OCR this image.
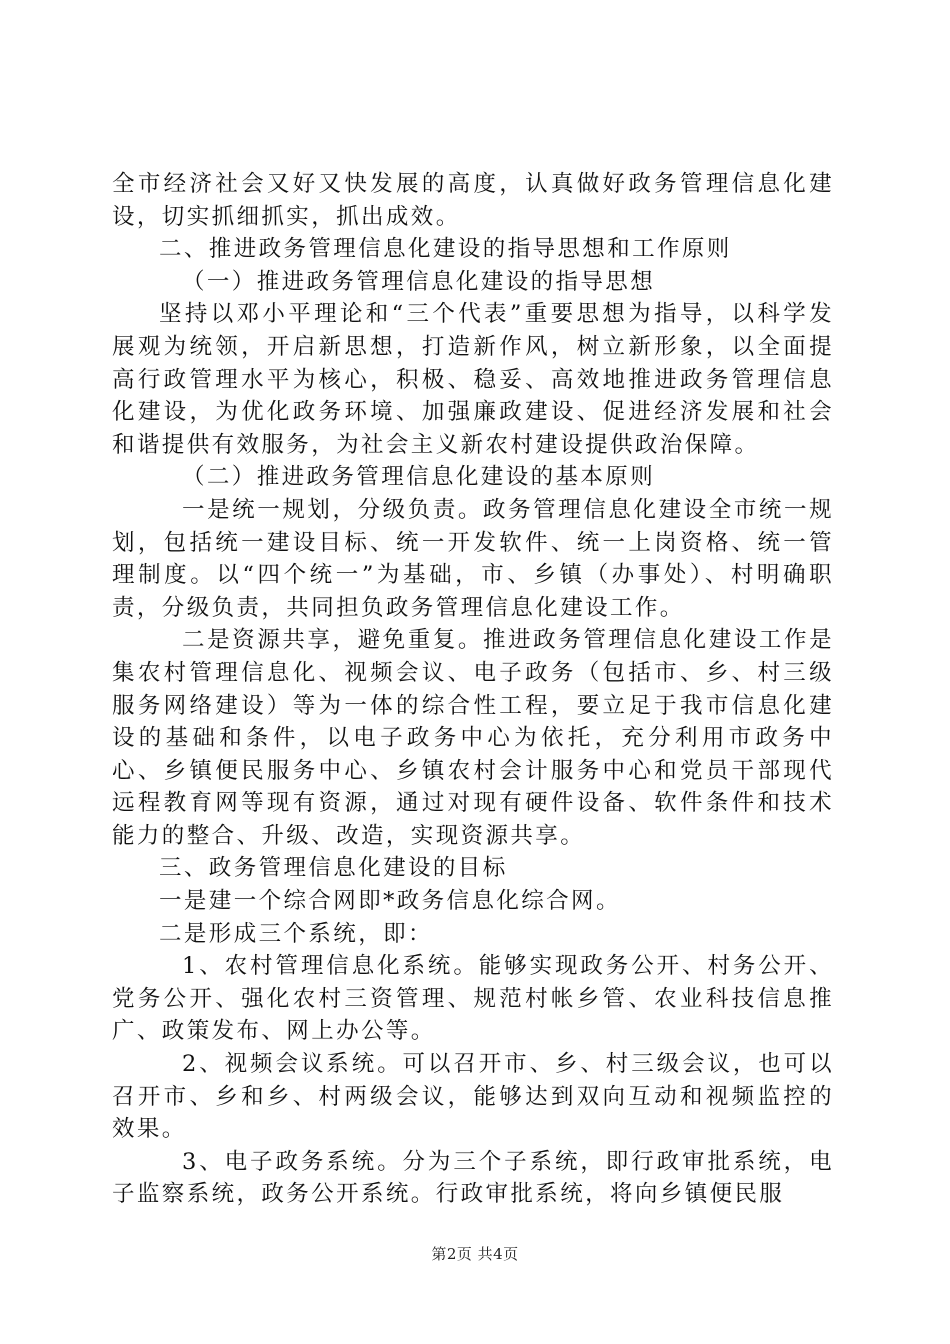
全市经济社会又好又快发展的高度，认真做好政务管理信息化建设，切实抓细抓实，抓出成效。

二、推进政务管理信息化建设的指导思想和工作原则

（一）推进政务管理信息化建设的指导思想

坚持以邓小平理论和“三个代表”重要思想为指导，以科学发展观为统领，开启新思想，打造新作风，树立新形象，以全面提高行政管理水平为核心，积极、稳妥、高效地推进政务管理信息化建设，为优化政务环境、加强廉政建设、促进经济发展和社会和谐提供有效服务，为社会主义新农村建设提供政治保障。

（二）推进政务管理信息化建设的基本原则

一是统一规划，分级负责。政务管理信息化建设全市统一规划，包括统一建设目标、统一开发软件、统一上岗资格、统一管理制度。以“四个统一”为基础，市、乡镇（办事处）、村明确职责，分级负责，共同担负政务管理信息化建设工作。

二是资源共享，避免重复。推进政务管理信息化建设工作是集农村管理信息化、视频会议、电子政务（包括市、乡、村三级服务网络建设）等为一体的综合性工程，要立足于我市信息化建设的基础和条件，以电子政务中心为依托，充分利用市政务中心、乡镇便民服务中心、乡镇农村会计服务中心和党员干部现代远程教育网等现有资源，通过对现有硬件设备、软件条件和技术能力的整合、升级、改造，实现资源共享。

三、政务管理信息化建设的目标

一是建一个综合网即*政务信息化综合网。

二是形成三个系统，即：

1、农村管理信息化系统。能够实现政务公开、村务公开、党务公开、强化农村三资管理、规范村帐乡管、农业科技信息推广、政策发布、网上办公等。

2、视频会议系统。可以召开市、乡、村三级会议，也可以召开市、乡和乡、村两级会议，能够达到双向互动和视频监控的效果。

3、电子政务系统。分为三个子系统，即行政审批系统，电子监察系统，政务公开系统。行政审批系统，将向乡镇便民服

第2页 共4页
